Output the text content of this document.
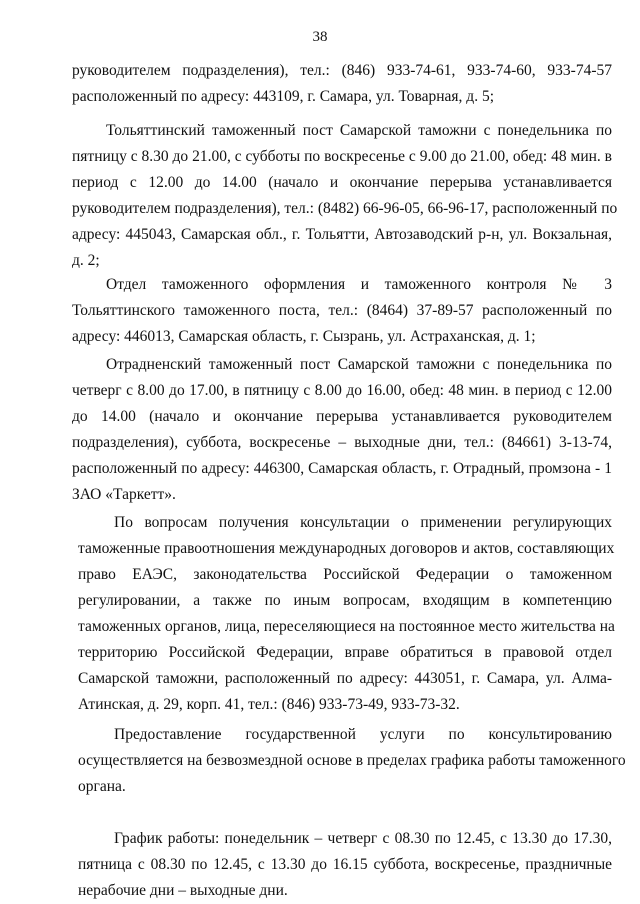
38
руководителем подразделения), тел.: (846) 933-74-61, 933-74-60, 933-74-57
расположенный по адресу: 443109, г. Самара, ул. Товарная, д. 5;
Тольяттинский таможенный пост Самарской таможни с понедельника по
пятницу с 8.30 до 21.00, с субботы по воскресенье с 9.00 до 21.00, обед: 48 мин. в
период с 12.00 до 14.00 (начало и окончание перерыва устанавливается
руководителем подразделения), тел.: (8482) 66-96-05, 66-96-17, расположенный по
адресу: 445043, Самарская обл., г. Тольятти, Автозаводский р-н, ул. Вокзальная,
д. 2;
Отдел таможенного оформления и таможенного контроля № 3
Тольяттинского таможенного поста, тел.: (8464) 37-89-57 расположенный по
адресу: 446013, Самарская область, г. Сызрань, ул. Астраханская, д. 1;
Отрадненский таможенный пост Самарской таможни с понедельника по
четверг с 8.00 до 17.00, в пятницу с 8.00 до 16.00, обед: 48 мин. в период с 12.00
до 14.00 (начало и окончание перерыва устанавливается руководителем
подразделения), суббота, воскресенье – выходные дни, тел.: (84661) 3-13-74,
расположенный по адресу: 446300, Самарская область, г. Отрадный, промзона - 1
ЗАО «Таркетт».
По вопросам получения консультации о применении регулирующих
таможенные правоотношения международных договоров и актов, составляющих
право ЕАЭС, законодательства Российской Федерации о таможенном
регулировании, а также по иным вопросам, входящим в компетенцию
таможенных органов, лица, переселяющиеся на постоянное место жительства на
территорию Российской Федерации, вправе обратиться в правовой отдел
Самарской таможни, расположенный по адресу: 443051, г. Самара, ул. Алма-
Атинская, д. 29, корп. 41, тел.: (846) 933-73-49, 933-73-32.
Предоставление государственной услуги по консультированию
осуществляется на безвозмездной основе в пределах графика работы таможенного
органа.
График работы: понедельник – четверг с 08.30 по 12.45, с 13.30 до 17.30,
пятница с 08.30 по 12.45, с 13.30 до 16.15 суббота, воскресенье, праздничные
нерабочие дни – выходные дни.
